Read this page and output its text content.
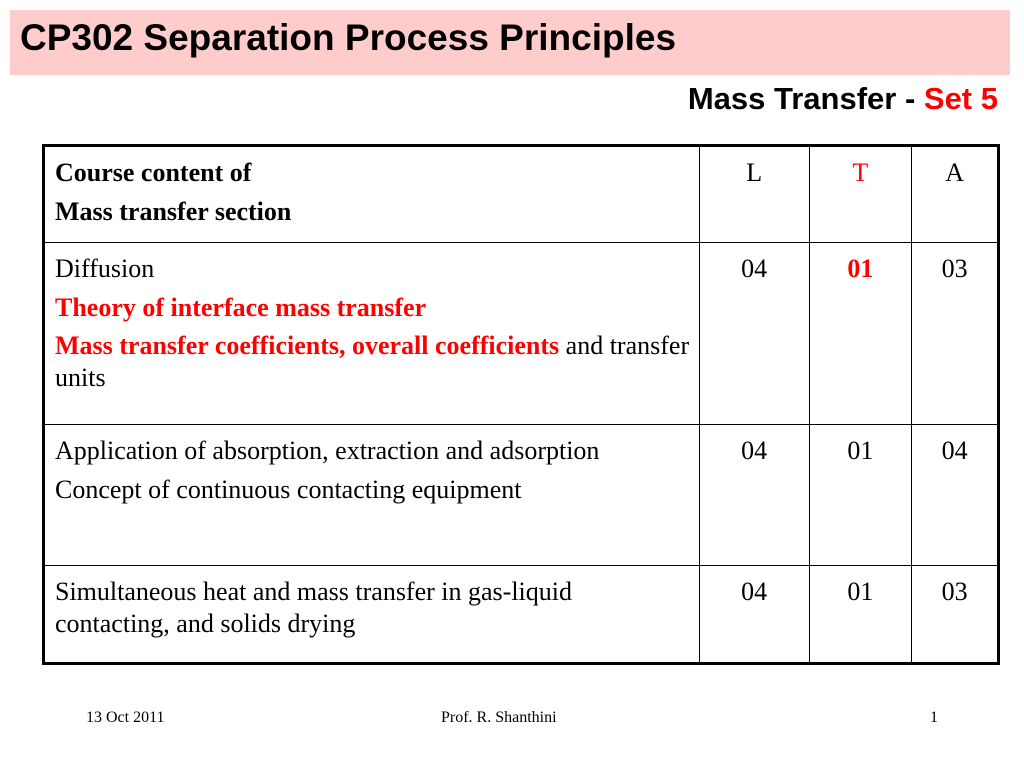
CP302 Separation Process Principles
Mass Transfer - Set 5
Course content of
Mass transfer section	L	T	A

Diffusion
Theory of interface mass transfer
Mass transfer coefficients, overall coefficients and transfer units	04	01	03

Application of absorption, extraction and adsorption
Concept of continuous contacting equipment	04	01	04

Simultaneous heat and mass transfer in gas-liquid contacting, and solids drying	04	01	03
13 Oct 2011	Prof. R. Shanthini	1
